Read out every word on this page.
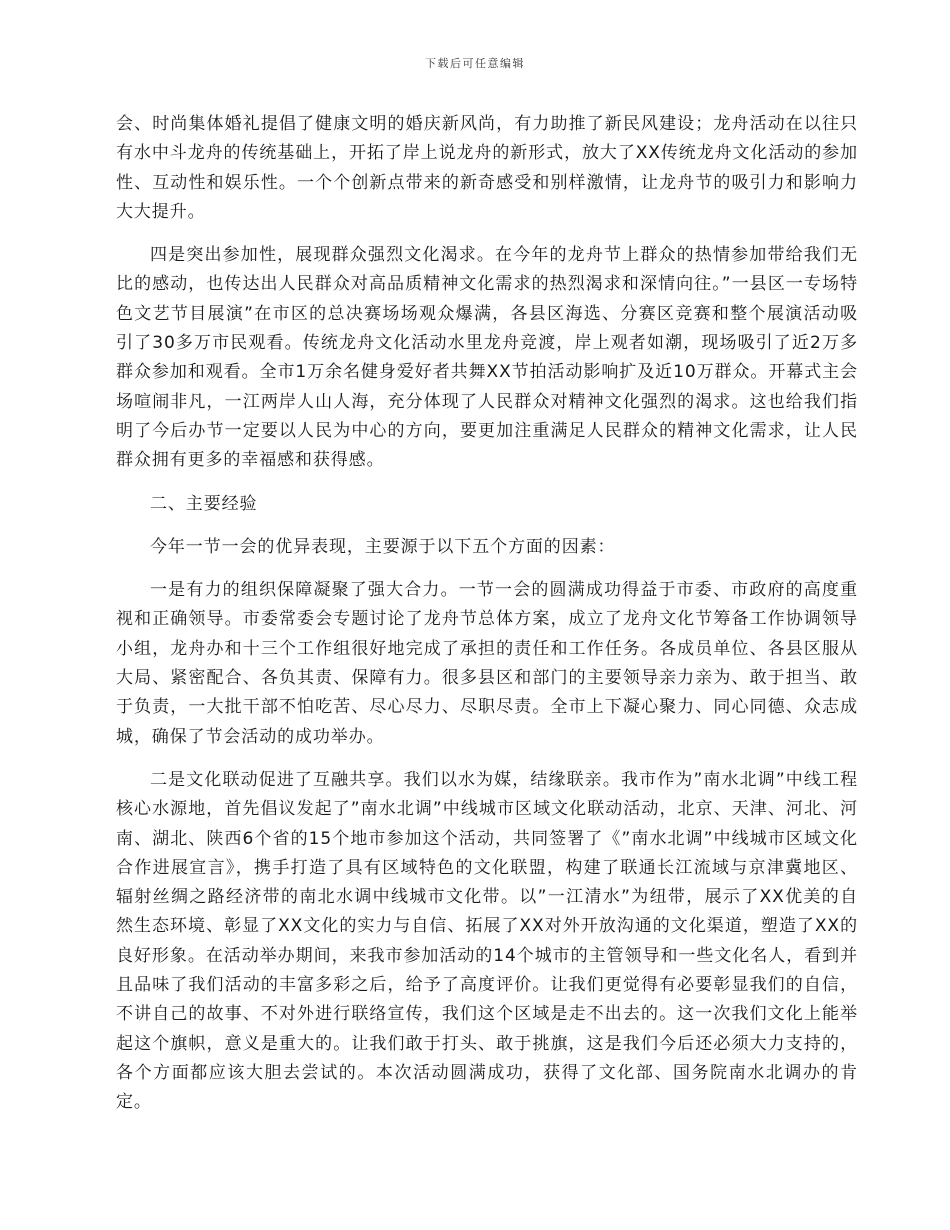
下载后可任意编辑

会、时尚集体婚礼提倡了健康文明的婚庆新风尚，有力助推了新民风建设；龙舟活动在以往只有水中斗龙舟的传统基础上，开拓了岸上说龙舟的新形式，放大了XX传统龙舟文化活动的参加性、互动性和娱乐性。一个个创新点带来的新奇感受和别样激情，让龙舟节的吸引力和影响力大大提升。

四是突出参加性，展现群众强烈文化渴求。在今年的龙舟节上群众的热情参加带给我们无比的感动，也传达出人民群众对高品质精神文化需求的热烈渴求和深情向往。”一县区一专场特色文艺节目展演”在市区的总决赛场场观众爆满，各县区海选、分赛区竞赛和整个展演活动吸引了30多万市民观看。传统龙舟文化活动水里龙舟竞渡，岸上观者如潮，现场吸引了近2万多群众参加和观看。全市1万余名健身爱好者共舞XX节拍活动影响扩及近10万群众。开幕式主会场喧闹非凡，一江两岸人山人海，充分体现了人民群众对精神文化强烈的渴求。这也给我们指明了今后办节一定要以人民为中心的方向，要更加注重满足人民群众的精神文化需求，让人民群众拥有更多的幸福感和获得感。

二、主要经验

今年一节一会的优异表现，主要源于以下五个方面的因素：

一是有力的组织保障凝聚了强大合力。一节一会的圆满成功得益于市委、市政府的高度重视和正确领导。市委常委会专题讨论了龙舟节总体方案，成立了龙舟文化节筹备工作协调领导小组，龙舟办和十三个工作组很好地完成了承担的责任和工作任务。各成员单位、各县区服从大局、紧密配合、各负其责、保障有力。很多县区和部门的主要领导亲力亲为、敢于担当、敢于负责，一大批干部不怕吃苦、尽心尽力、尽职尽责。全市上下凝心聚力、同心同德、众志成城，确保了节会活动的成功举办。

二是文化联动促进了互融共享。我们以水为媒，结缘联亲。我市作为”南水北调”中线工程核心水源地，首先倡议发起了”南水北调”中线城市区域文化联动活动，北京、天津、河北、河南、湖北、陕西6个省的15个地市参加这个活动，共同签署了《”南水北调”中线城市区域文化合作进展宣言》，携手打造了具有区域特色的文化联盟，构建了联通长江流域与京津冀地区、辐射丝绸之路经济带的南北水调中线城市文化带。以”一江清水”为纽带，展示了XX优美的自然生态环境、彰显了XX文化的实力与自信、拓展了XX对外开放沟通的文化渠道，塑造了XX的良好形象。在活动举办期间，来我市参加活动的14个城市的主管领导和一些文化名人，看到并且品味了我们活动的丰富多彩之后，给予了高度评价。让我们更觉得有必要彰显我们的自信，不讲自己的故事、不对外进行联络宣传，我们这个区域是走不出去的。这一次我们文化上能举起这个旗帜，意义是重大的。让我们敢于打头、敢于挑旗，这是我们今后还必须大力支持的，各个方面都应该大胆去尝试的。本次活动圆满成功，获得了文化部、国务院南水北调办的肯定。
